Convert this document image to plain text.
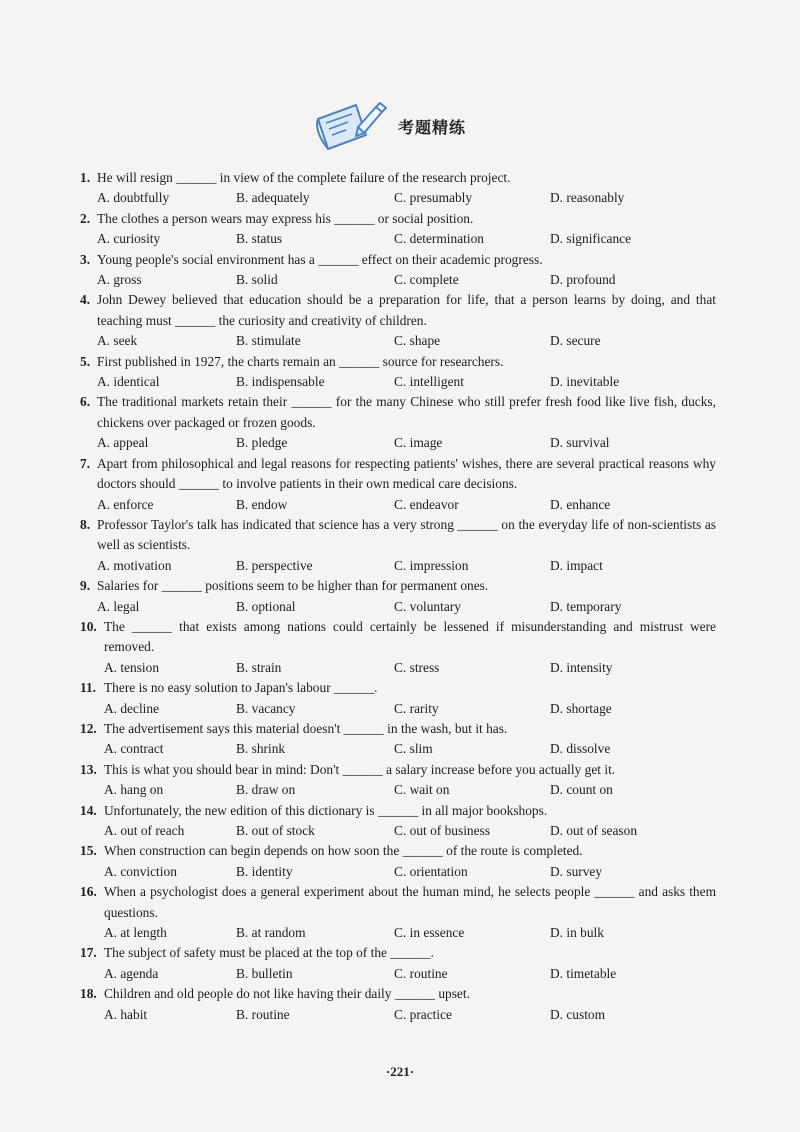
考题精练
1. He will resign ______ in view of the complete failure of the research project.
A. doubtfully	B. adequately	C. presumably	D. reasonably
2. The clothes a person wears may express his ______ or social position.
A. curiosity	B. status	C. determination	D. significance
3. Young people's social environment has a ______ effect on their academic progress.
A. gross	B. solid	C. complete	D. profound
4. John Dewey believed that education should be a preparation for life, that a person learns by doing, and that teaching must ______ the curiosity and creativity of children.
A. seek	B. stimulate	C. shape	D. secure
5. First published in 1927, the charts remain an ______ source for researchers.
A. identical	B. indispensable	C. intelligent	D. inevitable
6. The traditional markets retain their ______ for the many Chinese who still prefer fresh food like live fish, ducks, chickens over packaged or frozen goods.
A. appeal	B. pledge	C. image	D. survival
7. Apart from philosophical and legal reasons for respecting patients' wishes, there are several practical reasons why doctors should ______ to involve patients in their own medical care decisions.
A. enforce	B. endow	C. endeavor	D. enhance
8. Professor Taylor's talk has indicated that science has a very strong ______ on the everyday life of non-scientists as well as scientists.
A. motivation	B. perspective	C. impression	D. impact
9. Salaries for ______ positions seem to be higher than for permanent ones.
A. legal	B. optional	C. voluntary	D. temporary
10. The ______ that exists among nations could certainly be lessened if misunderstanding and mistrust were removed.
A. tension	B. strain	C. stress	D. intensity
11. There is no easy solution to Japan's labour ______.
A. decline	B. vacancy	C. rarity	D. shortage
12. The advertisement says this material doesn't ______ in the wash, but it has.
A. contract	B. shrink	C. slim	D. dissolve
13. This is what you should bear in mind: Don't ______ a salary increase before you actually get it.
A. hang on	B. draw on	C. wait on	D. count on
14. Unfortunately, the new edition of this dictionary is ______ in all major bookshops.
A. out of reach	B. out of stock	C. out of business	D. out of season
15. When construction can begin depends on how soon the ______ of the route is completed.
A. conviction	B. identity	C. orientation	D. survey
16. When a psychologist does a general experiment about the human mind, he selects people ______ and asks them questions.
A. at length	B. at random	C. in essence	D. in bulk
17. The subject of safety must be placed at the top of the ______.
A. agenda	B. bulletin	C. routine	D. timetable
18. Children and old people do not like having their daily ______ upset.
A. habit	B. routine	C. practice	D. custom
·221·
